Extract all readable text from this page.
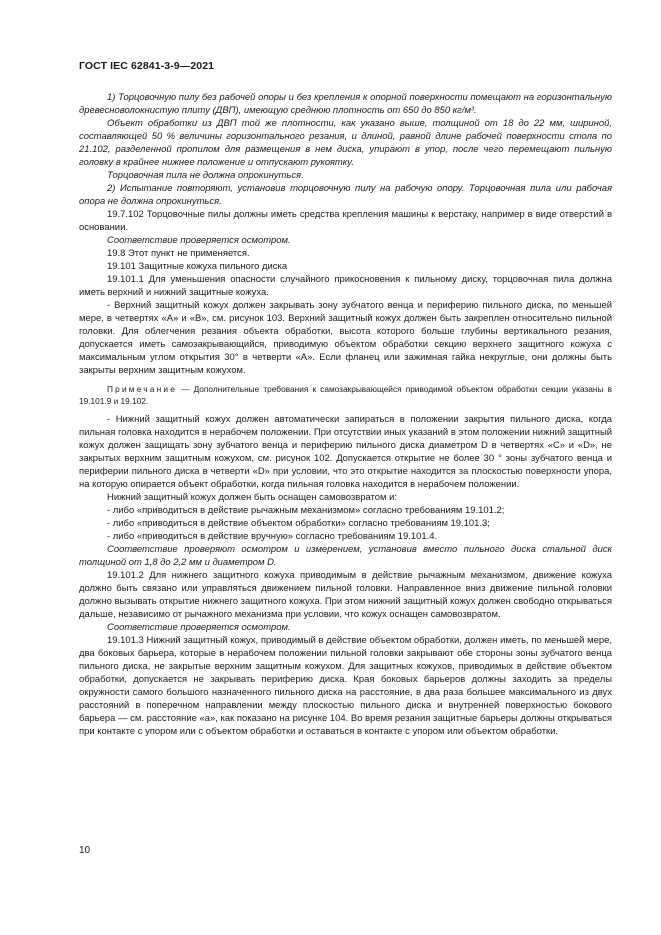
ГОСТ IEC 62841-3-9—2021

1) Торцовочную пилу без рабочей опоры и без крепления к опорной поверхности помещают на горизонтальную древесноволокнистую плиту (ДВП), имеющую среднюю плотность от 650 до 850 кг/м³.

Объект обработки из ДВП той же плотности, как указано выше, толщиной от 18 до 22 мм, шириной, составляющей 50 % величины горизонтального резания, и длиной, равной длине рабочей поверхности стола по 21.102, разделенной пропилом для размещения в нем диска, упирают в упор, после чего перемещают пильную головку в крайнее нижнее положение и отпускают рукоятку.

Торцовочная пила не должна опрокинуться.

2) Испытание повторяют, установив торцовочную пилу на рабочую опору. Торцовочная пила или рабочая опора не должна опрокинуться.

19.7.102 Торцовочные пилы должны иметь средства крепления машины к верстаку, например в виде отверстий в основании.

Соответствие проверяется осмотром.

19.8 Этот пункт не применяется.

19.101 Защитные кожуха пильного диска

19.101.1 Для уменьшения опасности случайного прикосновения к пильному диску, торцовочная пила должна иметь верхний и нижний защитные кожуха.

- Верхний защитный кожух должен закрывать зону зубчатого венца и периферию пильного диска, по меньшей мере, в четвертях «А» и «В», см. рисунок 103. Верхний защитный кожух должен быть закреплен относительно пильной головки. Для облегчения резания объекта обработки, высота которого больше глубины вертикального резания, допускается иметь самозакрывающийся, приводимую объектом обработки секцию верхнего защитного кожуха с максимальным углом открытия 30° в четверти «А». Если фланец или зажимная гайка некруглые, они должны быть закрыты верхним защитным кожухом.

Примечание — Дополнительные требования к самозакрывающейся приводимой объектом обработки секции указаны в 19.101.9 и 19.102.

- Нижний защитный кожух должен автоматически запираться в положении закрытия пильного диска, когда пильная головка находится в нерабочем положении. При отсутствии иных указаний в этом положении нижний защитный кожух должен защищать зону зубчатого венца и периферию пильного диска диаметром D в четвертях «С» и «D», не закрытых верхним защитным кожухом, см. рисунок 102. Допускается открытие не более 30 ° зоны зубчатого венца и периферии пильного диска в четверти «D» при условии, что это открытие находится за плоскостью поверхности упора, на которую опирается объект обработки, когда пильная головка находится в нерабочем положении.

Нижний защитный кожух должен быть оснащен самовозвратом и:

- либо «приводиться в действие рычажным механизмом» согласно требованиям 19.101.2;

- либо «приводиться в действие объектом обработки» согласно требованиям 19.101.3;

- либо «приводиться в действие вручную» согласно требованиям 19.101.4.

Соответствие проверяют осмотром и измерением, установив вместо пильного диска стальной диск толщиной от 1,8 до 2,2 мм и диаметром D.

19.101.2 Для нижнего защитного кожуха приводимым в действие рычажным механизмом, движение кожуха должно быть связано или управляться движением пильной головки. Направленное вниз движение пильной головки должно вызывать открытие нижнего защитного кожуха. При этом нижний защитный кожух должен свободно открываться дальше, независимо от рычажного механизма при условии, что кожух оснащен самовозвратом.

Соответствие проверяется осмотром.

19.101.3 Нижний защитный кожух, приводимый в действие объектом обработки, должен иметь, по меньшей мере, два боковых барьера, которые в нерабочем положении пильной головки закрывают обе стороны зоны зубчатого венца пильного диска, не закрытые верхним защитным кожухом. Для защитных кожухов, приводимых в действие объектом обработки, допускается не закрывать периферию диска. Края боковых барьеров должны заходить за пределы окружности самого большого назначенного пильного диска на расстояние, в два раза большее максимального из двух расстояний в поперечном направлении между плоскостью пильного диска и внутренней поверхностью бокового барьера — см. расстояние «а», как показано на рисунке 104. Во время резания защитные барьеры должны открываться при контакте с упором или с объектом обработки и оставаться в контакте с упором или объектом обработки.

10
